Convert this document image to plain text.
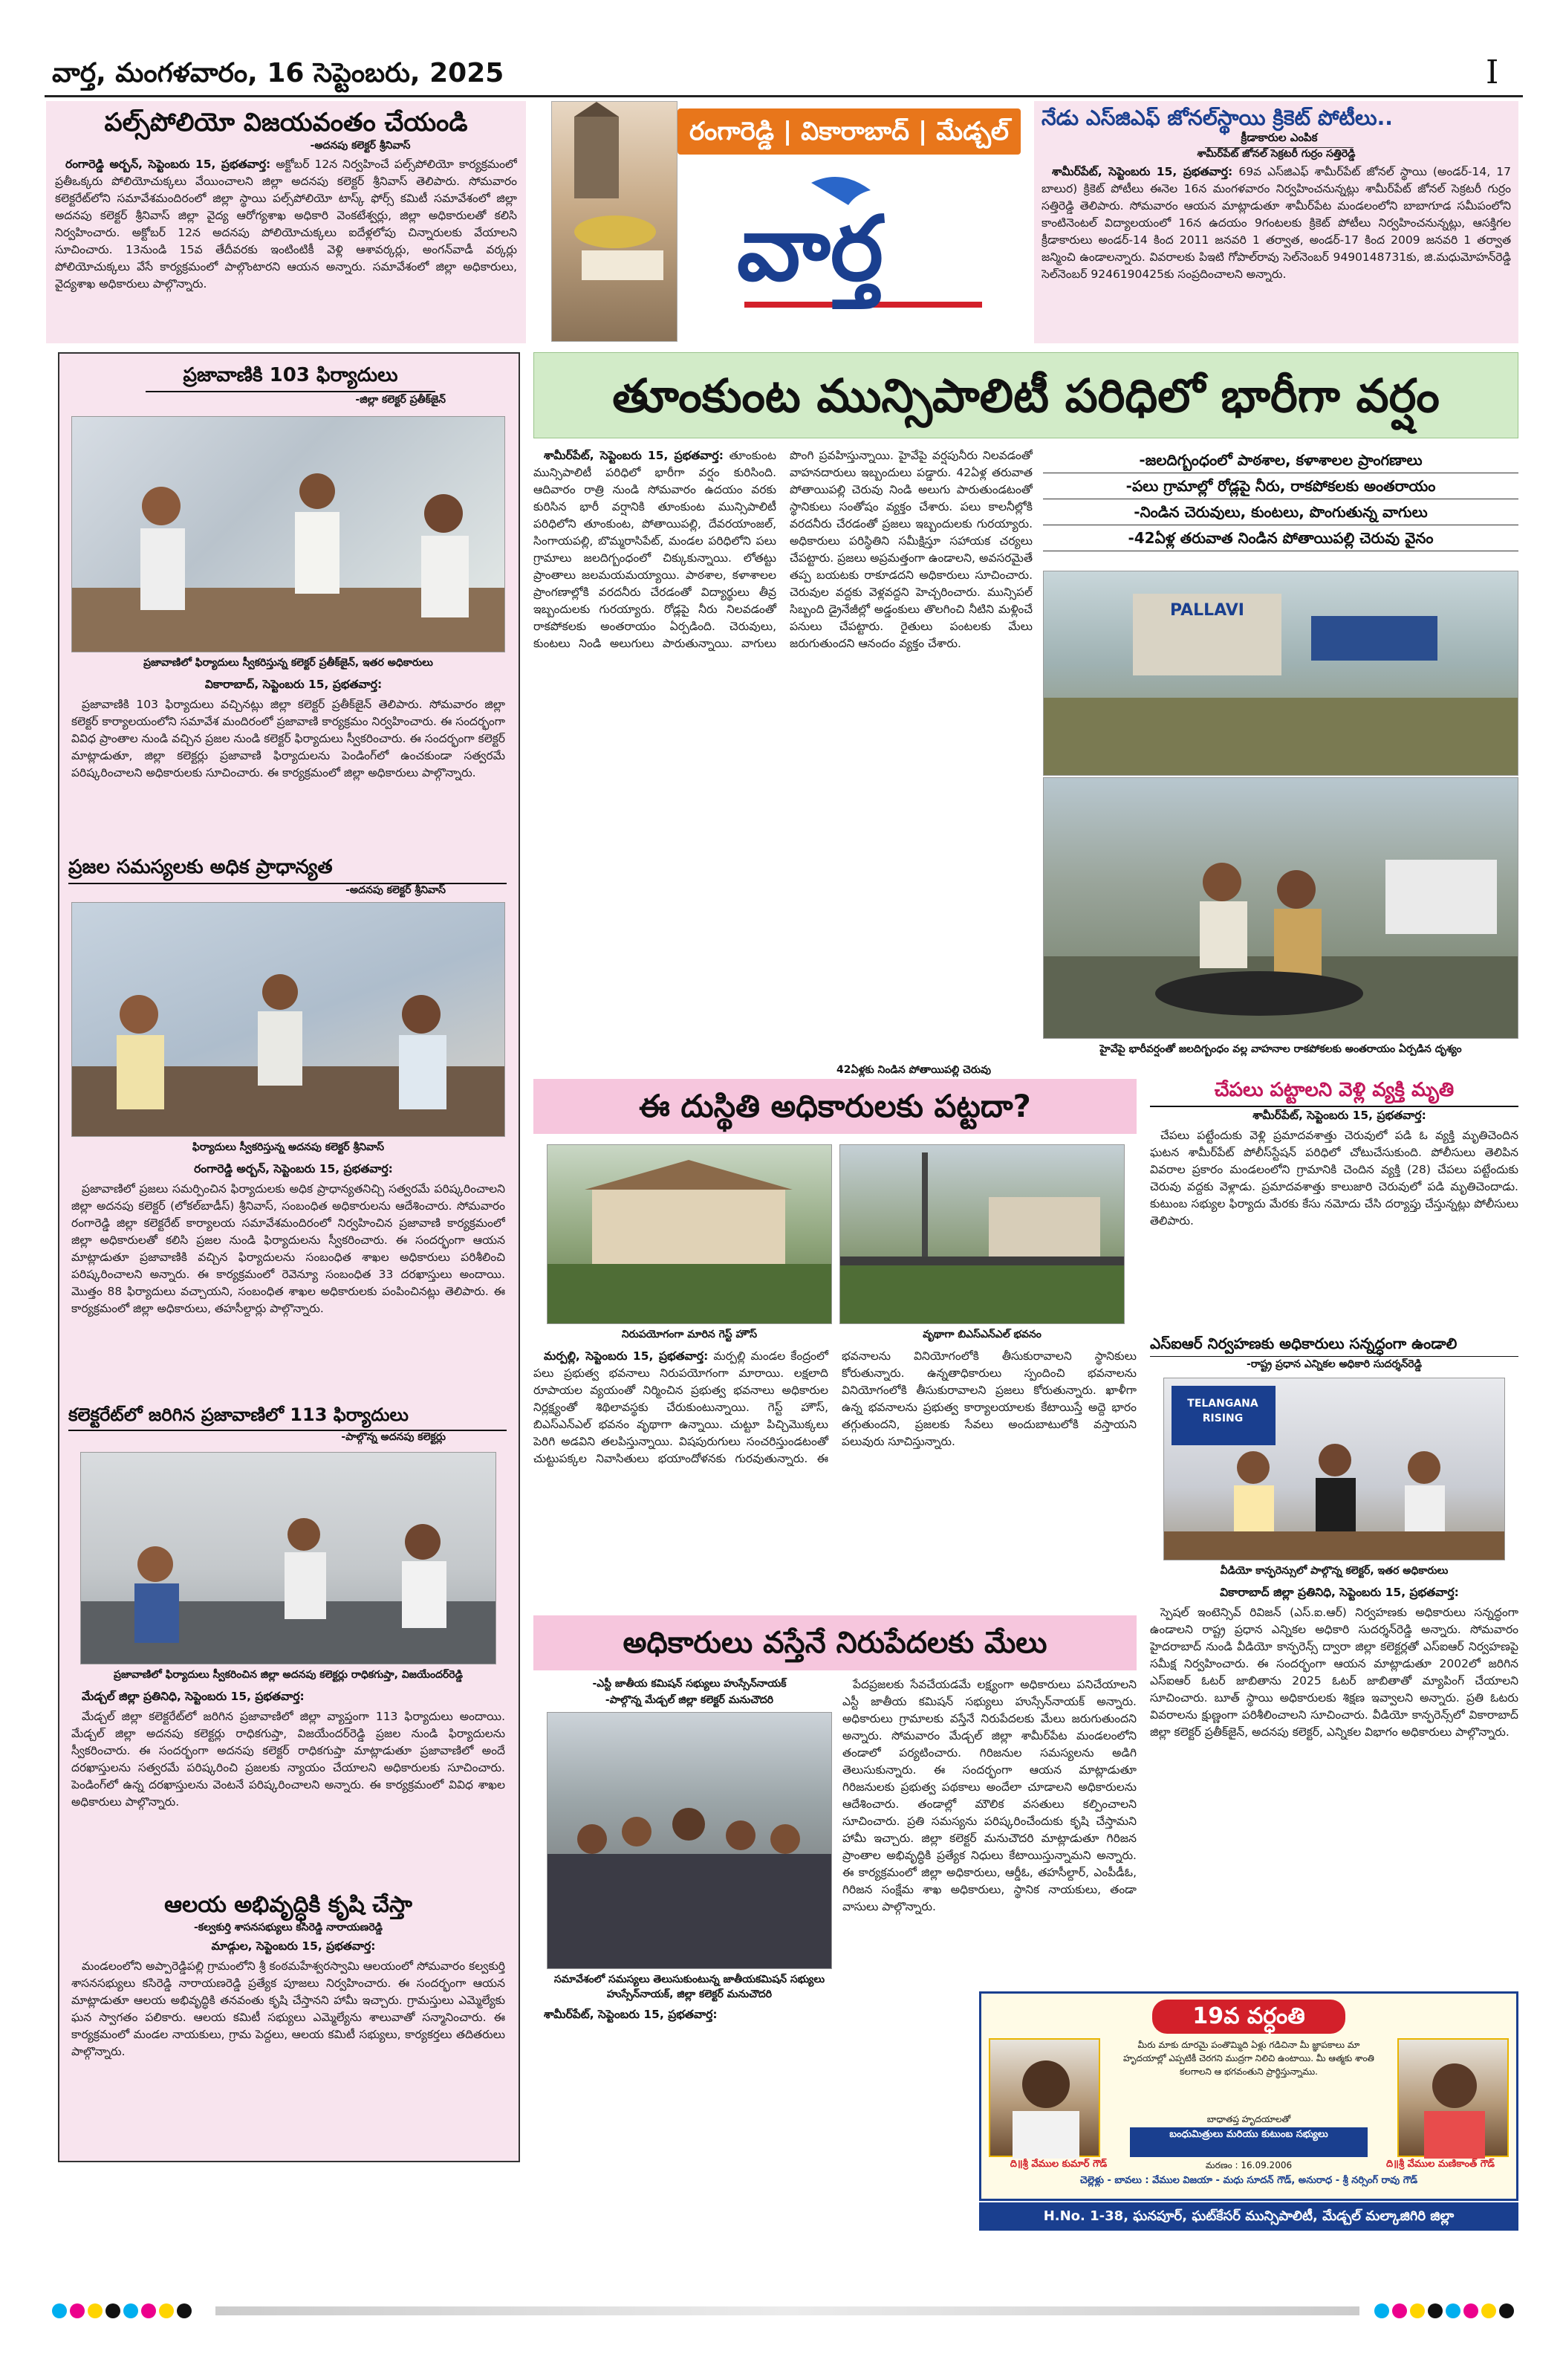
వార్త, మంగళవారం, 16 సెప్టెంబరు, 2025	I
పల్స్‌పోలియో విజయవంతం చేయండి
-అదనపు కలెక్టర్ శ్రీనివాస్

రంగారెడ్డి అర్బన్, సెప్టెంబరు 15, ప్రభతవార్త: అక్టోబర్ 12న నిర్వహించే పల్స్‌పోలియో కార్యక్రమంలో ప్రతీఒక్కరు పోలియోచుక్కలు వేయించాలని జిల్లా అదనపు కలెక్టర్ శ్రీనివాస్ తెలిపారు. సోమవారం కలెక్టరేట్‌లోని సమావేశమందిరంలో జిల్లా స్థాయి పల్స్‌పోలియో టాస్క్ ఫోర్స్ కమిటీ సమావేశంలో జిల్లా అదనపు కలెక్టర్ శ్రీనివాస్ జిల్లా వైద్య ఆరోగ్యశాఖ అధికారి వెంకటేశ్వర్లు, జిల్లా అధికారులతో కలిసి నిర్వహించారు. అక్టోబర్ 12న అదనపు పోలియోచుక్కలు ఐదేళ్లలోపు చిన్నారులకు వేయాలని సూచించారు. 13నుండి 15వ తేదీవరకు ఇంటింటికీ వెళ్లి ఆశావర్కర్లు, అంగన్‌వాడీ వర్కర్లు పోలియోచుక్కలు వేసే కార్యక్రమంలో పాల్గొంటారని ఆయన అన్నారు. సమావేశంలో జిల్లా అధికారులు, వైద్యశాఖ అధికారులు పాల్గొన్నారు.

రంగారెడ్డి | వికారాబాద్ | మేడ్చల్
వార్త
నేడు ఎస్‌జిఎఫ్ జోనల్‌స్థాయి క్రికెట్ పోటీలు..
క్రీడాకారుల ఎంపిక
శామీర్‌పేట్ జోనల్ సెక్రటరీ గుర్రం సత్తిరెడ్డి

శామీర్‌పేట్, సెప్టెంబరు 15, ప్రభతవార్త: 69వ ఎస్‌జిఎఫ్ శామీర్‌పేట్ జోనల్ స్థాయి (అండర్-14, 17 బాలుర) క్రికెట్ పోటీలు ఈనెల 16న మంగళవారం నిర్వహించనున్నట్లు శామీర్‌పేట్ జోనల్ సెక్రటరీ గుర్రం సత్తిరెడ్డి తెలిపారు. సోమవారం ఆయన మాట్లాడుతూ శామీర్‌పేట మండలంలోని బాబాగూడ సమీపంలోని కాంటినెంటల్ విద్యాలయంలో 16న ఉదయం 9గంటలకు క్రికెట్ పోటీలు నిర్వహించనున్నట్లు, ఆసక్తిగల క్రీడాకారులు అండర్-14 కింద 2011 జనవరి 1 తర్వాత, అండర్-17 కింద 2009 జనవరి 1 తర్వాత జన్మించి ఉండాలన్నారు. వివరాలకు పిఇటి గోపాల్‌రావు సెల్‌నెంబర్ 9490148731కు, జి.మధుమోహన్‌రెడ్డి సెల్‌నెంబర్ 9246190425కు సంప్రదించాలని అన్నారు.

ప్రజావాణికి 103 ఫిర్యాదులు
-జిల్లా కలెక్టర్ ప్రతీక్‌జైన్
ప్రజావాణిలో ఫిర్యాదులు స్వీకరిస్తున్న కలెక్టర్ ప్రతీక్‌జైన్, ఇతర అధికారులు

వికారాబాద్, సెప్టెంబరు 15, ప్రభతవార్త:

ప్రజావాణికి 103 ఫిర్యాదులు వచ్చినట్లు జిల్లా కలెక్టర్ ప్రతీక్‌జైన్ తెలిపారు. సోమవారం జిల్లా కలెక్టర్ కార్యాలయంలోని సమావేశ మందిరంలో ప్రజావాణి కార్యక్రమం నిర్వహించారు. ఈ సందర్భంగా వివిధ ప్రాంతాల నుండి వచ్చిన ప్రజల నుండి కలెక్టర్ ఫిర్యాదులు స్వీకరించారు. ఈ సందర్భంగా కలెక్టర్ మాట్లాడుతూ, జిల్లా కలెక్టర్లు ప్రజావాణి ఫిర్యాదులను పెండింగ్‌లో ఉంచకుండా సత్వరమే పరిష్కరించాలని అధికారులకు సూచించారు. ఈ కార్యక్రమంలో జిల్లా అధికారులు పాల్గొన్నారు.

ప్రజల సమస్యలకు అధిక ప్రాధాన్యత
-అదనపు కలెక్టర్ శ్రీనివాస్
ఫిర్యాదులు స్వీకరిస్తున్న అదనపు కలెక్టర్ శ్రీనివాస్

రంగారెడ్డి అర్బన్, సెప్టెంబరు 15, ప్రభతవార్త:

ప్రజావాణిలో ప్రజలు సమర్పించిన ఫిర్యాదులకు అధిక ప్రాధాన్యతనిచ్చి సత్వరమే పరిష్కరించాలని జిల్లా అదనపు కలెక్టర్ (లోకల్‌బాడీస్) శ్రీనివాస్, సంబంధిత అధికారులను ఆదేశించారు. సోమవారం రంగారెడ్డి జిల్లా కలెక్టరేట్ కార్యాలయ సమావేశమందిరంలో నిర్వహించిన ప్రజావాణి కార్యక్రమంలో జిల్లా అధికారులతో కలిసి ప్రజల నుండి ఫిర్యాదులను స్వీకరించారు. ఈ సందర్భంగా ఆయన మాట్లాడుతూ ప్రజావాణికి వచ్చిన ఫిర్యాదులను సంబంధిత శాఖల అధికారులు పరిశీలించి పరిష్కరించాలని అన్నారు. ఈ కార్యక్రమంలో రెవెన్యూ సంబంధిత 33 దరఖాస్తులు అందాయి. మొత్తం 88 ఫిర్యాదులు వచ్చాయని, సంబంధిత శాఖల అధికారులకు పంపించినట్లు తెలిపారు. ఈ కార్యక్రమంలో జిల్లా అధికారులు, తహసీల్దార్లు పాల్గొన్నారు.

కలెక్టరేట్‌లో జరిగిన ప్రజావాణిలో 113 ఫిర్యాదులు
-పాల్గొన్న అదనపు కలెక్టర్లు
ప్రజావాణిలో ఫిర్యాదులు స్వీకరించిన జిల్లా అదనపు కలెక్టర్లు రాధికగుప్తా, విజయేందర్‌రెడ్డి

మేడ్చల్ జిల్లా ప్రతినిధి, సెప్టెంబరు 15, ప్రభతవార్త:

మేడ్చల్ జిల్లా కలెక్టరేట్‌లో జరిగిన ప్రజావాణిలో జిల్లా వ్యాప్తంగా 113 ఫిర్యాదులు అందాయి. మేడ్చల్ జిల్లా అదనపు కలెక్టర్లు రాధికగుప్తా, విజయేందర్‌రెడ్డి ప్రజల నుండి ఫిర్యాదులను స్వీకరించారు. ఈ సందర్భంగా అదనపు కలెక్టర్ రాధికగుప్తా మాట్లాడుతూ ప్రజావాణిలో అందే దరఖాస్తులను సత్వరమే పరిష్కరించి ప్రజలకు న్యాయం చేయాలని అధికారులకు సూచించారు. పెండింగ్‌లో ఉన్న దరఖాస్తులను వెంటనే పరిష్కరించాలని అన్నారు. ఈ కార్యక్రమంలో వివిధ శాఖల అధికారులు పాల్గొన్నారు.

ఆలయ అభివృద్ధికి కృషి చేస్తా
-కల్వకుర్తి శాసనసభ్యులు కసిరెడ్డి నారాయణరెడ్డి

మాడ్గుల, సెప్టెంబరు 15, ప్రభతవార్త:

మండలంలోని అప్పారెడ్డిపల్లి గ్రామంలోని శ్రీ కంఠమహేశ్వరస్వామి ఆలయంలో సోమవారం కల్వకుర్తి శాసనసభ్యులు కసిరెడ్డి నారాయణరెడ్డి ప్రత్యేక పూజలు నిర్వహించారు. ఈ సందర్భంగా ఆయన మాట్లాడుతూ ఆలయ అభివృద్ధికి తనవంతు కృషి చేస్తానని హామీ ఇచ్చారు. గ్రామస్తులు ఎమ్మెల్యేకు ఘన స్వాగతం పలికారు. ఆలయ కమిటీ సభ్యులు ఎమ్మెల్యేను శాలువాతో సన్మానించారు. ఈ కార్యక్రమంలో మండల నాయకులు, గ్రామ పెద్దలు, ఆలయ కమిటీ సభ్యులు, కార్యకర్తలు తదితరులు పాల్గొన్నారు.

తూంకుంట మున్సిపాలిటీ పరిధిలో భారీగా వర్షం

శామీర్‌పేట్, సెప్టెంబరు 15, ప్రభతవార్త: తూంకుంట మున్సిపాలిటీ పరిధిలో భారీగా వర్షం కురిసింది. ఆదివారం రాత్రి నుండి సోమవారం ఉదయం వరకు కురిసిన భారీ వర్షానికి తూంకుంట మున్సిపాలిటీ పరిధిలోని తూంకుంట, పోతాయిపల్లి, దేవరయాంజల్, సింగాయపల్లి, బొమ్మరాసిపేట్, మండల పరిధిలోని పలు గ్రామాలు జలదిగ్బంధంలో చిక్కుకున్నాయి. లోతట్టు ప్రాంతాలు జలమయమయ్యాయి. పాఠశాల, కళాశాలల ప్రాంగణాల్లోకి వరదనీరు చేరడంతో విద్యార్థులు తీవ్ర ఇబ్బందులకు గురయ్యారు. రోడ్లపై నీరు నిలవడంతో రాకపోకలకు అంతరాయం ఏర్పడింది. చెరువులు, కుంటలు నిండి అలుగులు పారుతున్నాయి. వాగులు పొంగి ప్రవహిస్తున్నాయి. హైవేపై వర్షపునీరు నిలవడంతో వాహనదారులు ఇబ్బందులు పడ్డారు. 42ఏళ్ల తరువాత పోతాయిపల్లి చెరువు నిండి అలుగు పారుతుండటంతో స్థానికులు సంతోషం వ్యక్తం చేశారు. పలు కాలనీల్లోకి వరదనీరు చేరడంతో ప్రజలు ఇబ్బందులకు గురయ్యారు. అధికారులు పరిస్థితిని సమీక్షిస్తూ సహాయక చర్యలు చేపట్టారు. ప్రజలు అప్రమత్తంగా ఉండాలని, అవసరమైతే తప్ప బయటకు రాకూడదని అధికారులు సూచించారు. చెరువుల వద్దకు వెళ్లవద్దని హెచ్చరించారు. మున్సిపల్ సిబ్బంది డ్రైనేజీల్లో అడ్డంకులు తొలగించి నీటిని మళ్లించే పనులు చేపట్టారు. రైతులు పంటలకు మేలు జరుగుతుందని ఆనందం వ్యక్తం చేశారు.

-జలదిగ్బంధంలో పాఠశాల, కళాశాలల ప్రాంగణాలు
-పలు గ్రామాల్లో రోడ్లపై నీరు, రాకపోకలకు అంతరాయం
-నిండిన చెరువులు, కుంటలు, పొంగుతున్న వాగులు
-42ఏళ్ల తరువాత నిండిన పోతాయిపల్లి చెరువు వైనం
PALLAVI
హైవేపై భారీవర్షంతో జలదిగ్బంధం వల్ల వాహనాల రాకపోకలకు అంతరాయం ఏర్పడిన దృశ్యం
42ఏళ్లకు నిండిన పోతాయిపల్లి చెరువు
ఈ దుస్థితి అధికారులకు పట్టదా?
నిరుపయోగంగా మారిన గెస్ట్ హౌస్	వృథాగా బిఎస్ఎన్ఎల్ భవనం

మర్పల్లి, సెప్టెంబరు 15, ప్రభతవార్త: మర్పల్లి మండల కేంద్రంలో పలు ప్రభుత్వ భవనాలు నిరుపయోగంగా మారాయి. లక్షలాది రూపాయల వ్యయంతో నిర్మించిన ప్రభుత్వ భవనాలు అధికారుల నిర్లక్ష్యంతో శిథిలావస్థకు చేరుకుంటున్నాయి. గెస్ట్ హౌస్, బిఎస్ఎన్ఎల్ భవనం వృథాగా ఉన్నాయి. చుట్టూ పిచ్చిమొక్కలు పెరిగి అడవిని తలపిస్తున్నాయి. విషపురుగులు సంచరిస్తుండటంతో చుట్టుపక్కల నివాసితులు భయాందోళనకు గురవుతున్నారు. ఈ భవనాలను వినియోగంలోకి తీసుకురావాలని స్థానికులు కోరుతున్నారు. ఉన్నతాధికారులు స్పందించి భవనాలను వినియోగంలోకి తీసుకురావాలని ప్రజలు కోరుతున్నారు. ఖాళీగా ఉన్న భవనాలను ప్రభుత్వ కార్యాలయాలకు కేటాయిస్తే అద్దె భారం తగ్గుతుందని, ప్రజలకు సేవలు అందుబాటులోకి వస్తాయని పలువురు సూచిస్తున్నారు.

చేపలు పట్టాలని వెళ్లి వ్యక్తి మృతి

శామీర్‌పేట్, సెప్టెంబరు 15, ప్రభతవార్త:

చేపలు పట్టేందుకు వెళ్లి ప్రమాదవశాత్తు చెరువులో పడి ఓ వ్యక్తి మృతిచెందిన ఘటన శామీర్‌పేట్ పోలీస్‌స్టేషన్ పరిధిలో చోటుచేసుకుంది. పోలీసులు తెలిపిన వివరాల ప్రకారం మండలంలోని గ్రామానికి చెందిన వ్యక్తి (28) చేపలు పట్టేందుకు చెరువు వద్దకు వెళ్లాడు. ప్రమాదవశాత్తు కాలుజారి చెరువులో పడి మృతిచెందాడు. కుటుంబ సభ్యుల ఫిర్యాదు మేరకు కేసు నమోదు చేసి దర్యాప్తు చేస్తున్నట్లు పోలీసులు తెలిపారు.

ఎస్ఐఆర్ నిర్వహణకు అధికారులు సన్నద్ధంగా ఉండాలి
-రాష్ట్ర ప్రధాన ఎన్నికల అధికారి సుదర్శన్‌రెడ్డి
TELANGANA RISING
వీడియో కాన్ఫరెన్సులో పాల్గొన్న కలెక్టర్, ఇతర అధికారులు

వికారాబాద్ జిల్లా ప్రతినిధి, సెప్టెంబరు 15, ప్రభతవార్త:

స్పెషల్ ఇంటెన్సివ్ రివిజన్ (ఎస్.ఐ.ఆర్) నిర్వహణకు అధికారులు సన్నద్ధంగా ఉండాలని రాష్ట్ర ప్రధాన ఎన్నికల అధికారి సుదర్శన్‌రెడ్డి అన్నారు. సోమవారం హైదరాబాద్ నుండి వీడియో కాన్ఫరెన్స్ ద్వారా జిల్లా కలెక్టర్లతో ఎస్ఐఆర్ నిర్వహణపై సమీక్ష నిర్వహించారు. ఈ సందర్భంగా ఆయన మాట్లాడుతూ 2002లో జరిగిన ఎస్ఐఆర్ ఓటర్ జాబితాను 2025 ఓటర్ జాబితాతో మ్యాపింగ్ చేయాలని సూచించారు. బూత్ స్థాయి అధికారులకు శిక్షణ ఇవ్వాలని అన్నారు. ప్రతి ఓటరు వివరాలను క్షుణ్ణంగా పరిశీలించాలని సూచించారు. వీడియో కాన్ఫరెన్స్‌లో వికారాబాద్ జిల్లా కలెక్టర్ ప్రతీక్‌జైన్, అదనపు కలెక్టర్, ఎన్నికల విభాగం అధికారులు పాల్గొన్నారు.

అధికారులు వస్తేనే నిరుపేదలకు మేలు
-ఎస్టీ జాతీయ కమిషన్ సభ్యులు హుస్సేన్‌నాయక్
-పాల్గొన్న మేడ్చల్ జిల్లా కలెక్టర్ మనుచౌదరి
సమావేశంలో సమస్యలు తెలుసుకుంటున్న జాతీయకమిషన్ సభ్యులు హుస్సేన్‌నాయక్, జిల్లా కలెక్టర్ మనుచౌదరి

పేదప్రజలకు సేవచేయడమే లక్ష్యంగా అధికారులు పనిచేయాలని ఎస్టీ జాతీయ కమిషన్ సభ్యులు హుస్సేన్‌నాయక్ అన్నారు. అధికారులు గ్రామాలకు వస్తేనే నిరుపేదలకు మేలు జరుగుతుందని అన్నారు. సోమవారం మేడ్చల్ జిల్లా శామీర్‌పేట మండలంలోని తండాలో పర్యటించారు. గిరిజనుల సమస్యలను అడిగి తెలుసుకున్నారు. ఈ సందర్భంగా ఆయన మాట్లాడుతూ గిరిజనులకు ప్రభుత్వ పథకాలు అందేలా చూడాలని అధికారులను ఆదేశించారు. తండాల్లో మౌలిక వసతులు కల్పించాలని సూచించారు. ప్రతి సమస్యను పరిష్కరించేందుకు కృషి చేస్తామని హామీ ఇచ్చారు. జిల్లా కలెక్టర్ మనుచౌదరి మాట్లాడుతూ గిరిజన ప్రాంతాల అభివృద్ధికి ప్రత్యేక నిధులు కేటాయిస్తున్నామని అన్నారు. ఈ కార్యక్రమంలో జిల్లా అధికారులు, ఆర్డీఓ, తహసీల్దార్, ఎంపీడీఓ, గిరిజన సంక్షేమ శాఖ అధికారులు, స్థానిక నాయకులు, తండా వాసులు పాల్గొన్నారు.

శామీర్‌పేట్, సెప్టెంబరు 15, ప్రభతవార్త:	19వ వర్ధంతి
మీరు మాకు దూరమై పంతొమ్మిది ఏళ్లు గడిచినా మీ జ్ఞాపకాలు మా హృదయాల్లో ఎప్పటికీ చెరగని ముద్రగా నిలిచి ఉంటాయి. మీ ఆత్మకు శాంతి కలగాలని ఆ భగవంతుని ప్రార్థిస్తున్నాము.
బాధాతప్త హృదయాలతో
బంధుమిత్రులు మరియు కుటుంబ సభ్యులు
ది॥శ్రీ వేముల కుమార్ గౌడ్	ది॥శ్రీ వేముల మణికాంత్ గౌడ్
మరణం : 16.09.2006
చెల్లెళ్లు - బావలు : వేముల విజయా - మధు సూదన్ గౌడ్, అనురాధ - శ్రీ నర్సింగ్ రావు గౌడ్
H.No. 1-38, ఘనపూర్, ఘట్‌కేసర్ మున్సిపాలిటీ, మేడ్చల్ మల్కాజిగిరి జిల్లా
